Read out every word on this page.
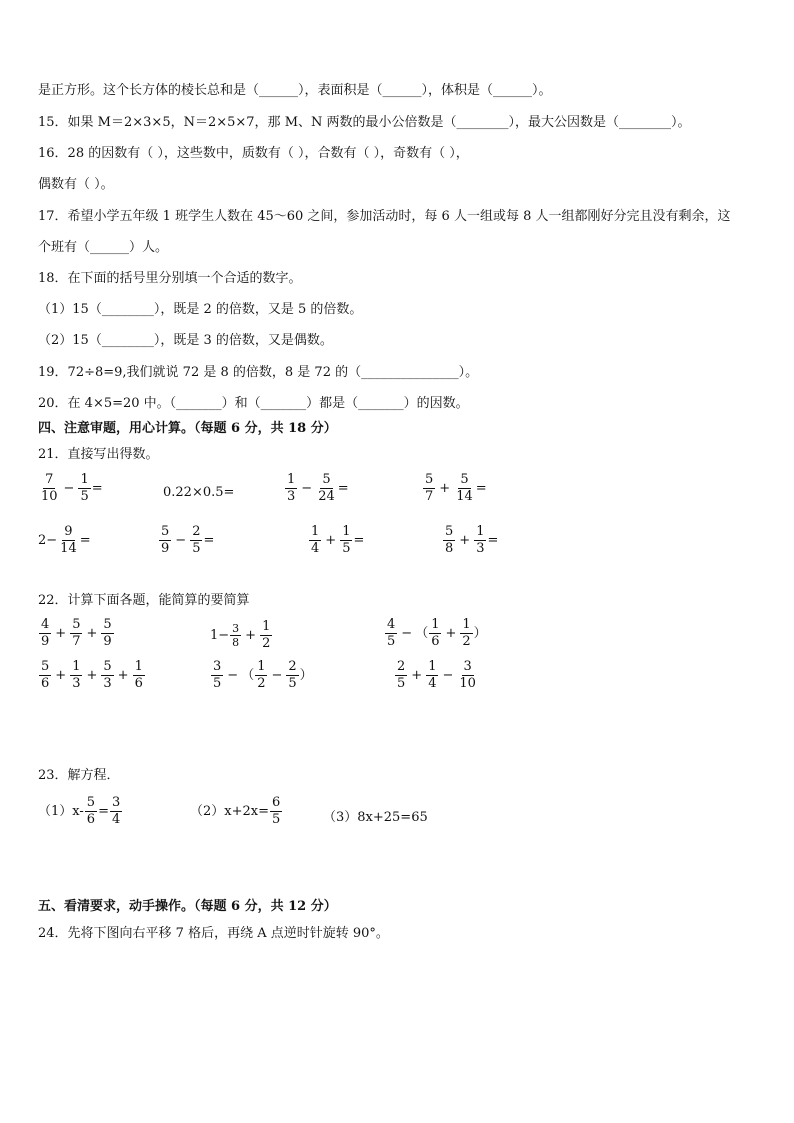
是正方形。这个长方体的棱长总和是（______），表面积是（______），体积是（______）。
15．如果 M＝2×3×5，N＝2×5×7，那 M、N 两数的最小公倍数是（________），最大公因数是（________）。
16．28 的因数有（ ），这些数中，质数有（ ），合数有（ ），奇数有（ ），
偶数有（ ）。
17．希望小学五年级 1 班学生人数在 45～60 之间，参加活动时，每 6 人一组或每 8 人一组都刚好分完且没有剩余，这
个班有（______）人。
18．在下面的括号里分别填一个合适的数字。
（1）15（________），既是 2 的倍数，又是 5 的倍数。
（2）15（________），既是 3 的倍数，又是偶数。
19．72÷8=9,我们就说 72 是 8 的倍数，8 是 72 的（_______________）。
20．在 4×5=20 中。（_______）和（_______）都是（_______）的因数。
四、注意审题，用心计算。（每题 6 分，共 18 分）
21．直接写出得数。
$\frac{7}{10} - \frac{1}{5}$ =	0.22×0.5=	$\frac{1}{3} - \frac{5}{24}$ =	$\frac{5}{7} + \frac{5}{14}$ =
$2- \frac{9}{14}$ =	$\frac{5}{9} - \frac{2}{5}$ =	$\frac{1}{4} + \frac{1}{5}$ =	$\frac{5}{8} + \frac{1}{3}$ =
22．计算下面各题，能简算的要简算
$\frac{4}{9} + \frac{5}{7} + \frac{5}{9}$	$1- \frac{3}{8} + \frac{1}{2}$	$\frac{4}{5}$ − （ $\frac{1}{6} + \frac{1}{2}$ ）
$\frac{5}{6} + \frac{1}{3} + \frac{5}{3} + \frac{1}{6}$	$\frac{3}{5}$ − （ $\frac{1}{2} - \frac{2}{5}$ ）	$\frac{2}{5} + \frac{1}{4} - \frac{3}{10}$
23．解方程．
$(1)x- \frac{5}{6} = \frac{3}{4}$	$(2)x+2x= \frac{6}{5}$	（3）8x+25=65
五、看清要求，动手操作。（每题 6 分，共 12 分）
24．先将下图向右平移 7 格后，再绕 A 点逆时针旋转 90°。
